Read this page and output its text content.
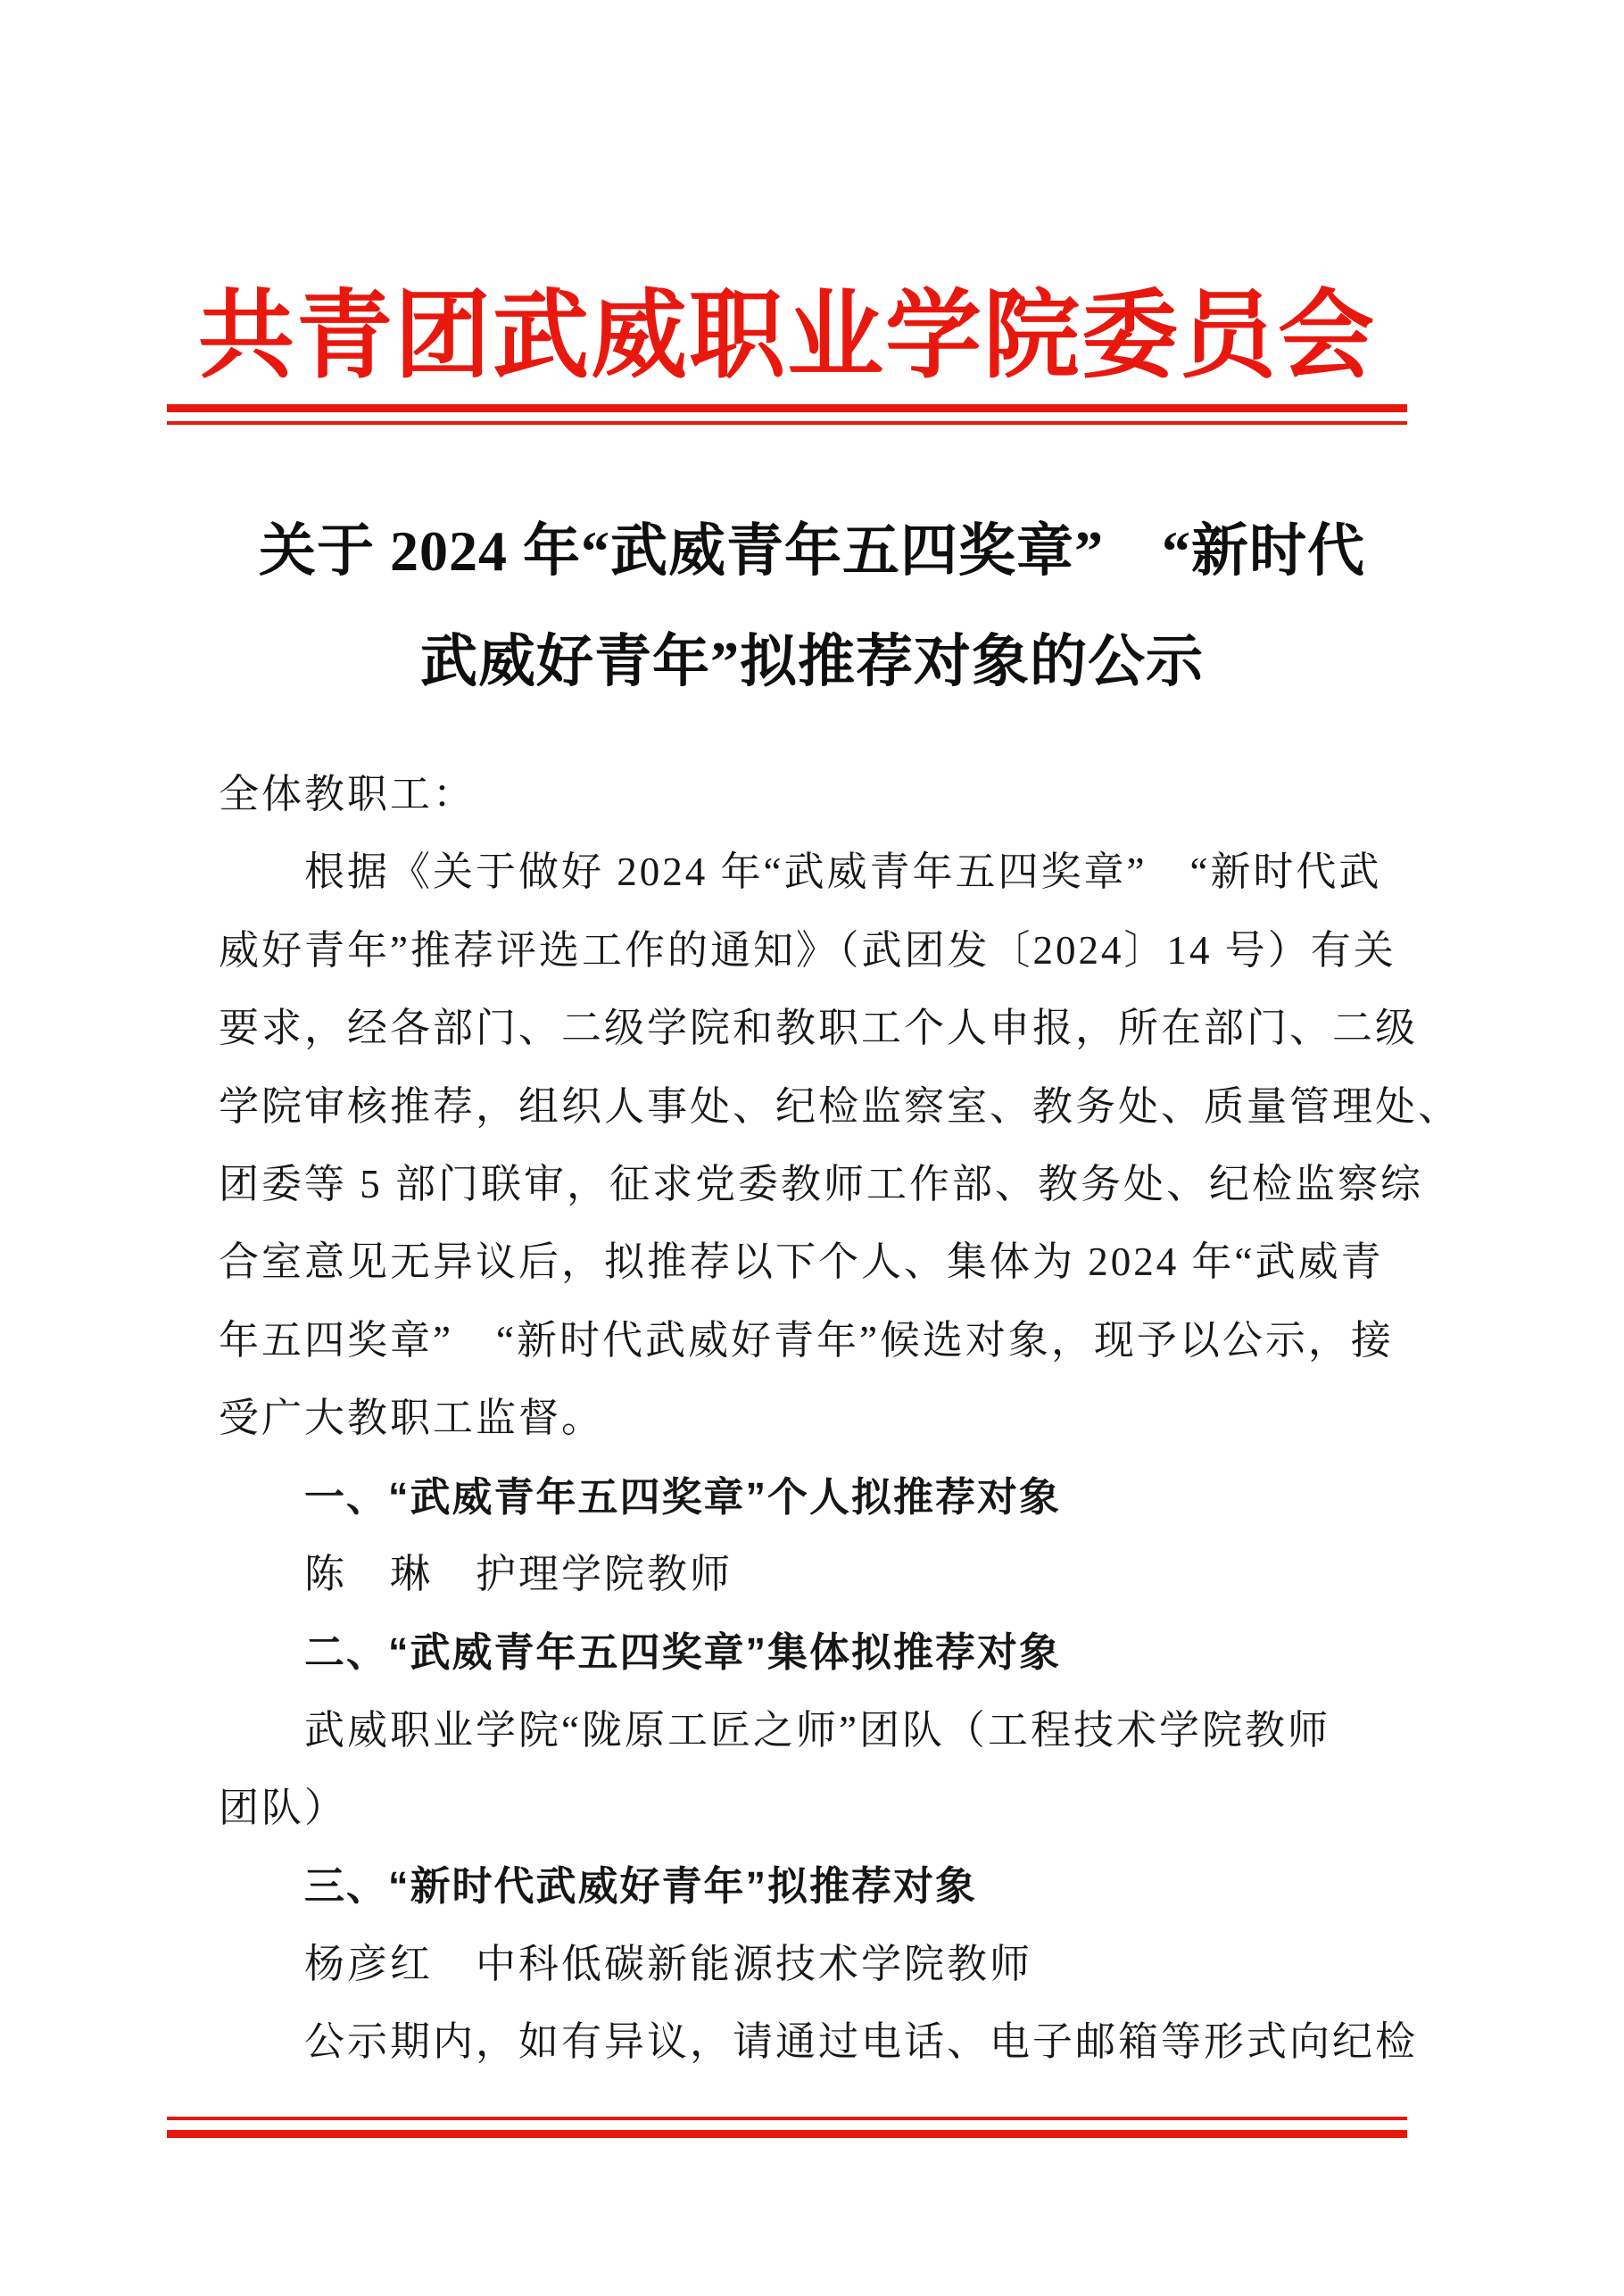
共青团武威职业学院委员会
关于 2024 年“武威青年五四奖章”　“新时代
武威好青年”拟推荐对象的公示
全体教职工：
根据《关于做好 2024 年“武威青年五四奖章”　“新时代武
威好青年”推荐评选工作的通知》（武团发〔2024〕14 号）有关
要求，经各部门、二级学院和教职工个人申报，所在部门、二级
学院审核推荐，组织人事处、纪检监察室、教务处、质量管理处、
团委等 5 部门联审，征求党委教师工作部、教务处、纪检监察综
合室意见无异议后，拟推荐以下个人、集体为 2024 年“武威青
年五四奖章”　“新时代武威好青年”候选对象，现予以公示，接
受广大教职工监督。
一、“武威青年五四奖章”个人拟推荐对象
陈　琳　护理学院教师
二、“武威青年五四奖章”集体拟推荐对象
武威职业学院“陇原工匠之师”团队（工程技术学院教师
团队）
三、“新时代武威好青年”拟推荐对象
杨彦红　中科低碳新能源技术学院教师
公示期内，如有异议，请通过电话、电子邮箱等形式向纪检
